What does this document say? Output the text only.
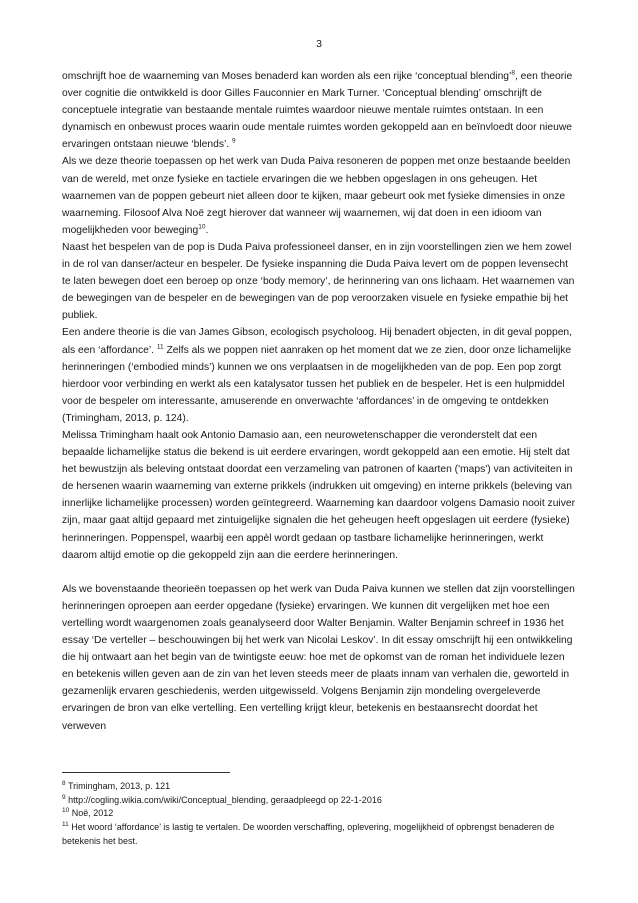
3

omschrijft hoe de waarneming van Moses benaderd kan worden als een rijke ‘conceptual blending’$^8$, een theorie over cognitie die ontwikkeld is door Gilles Fauconnier en Mark Turner. ‘Conceptual blending’ omschrijft de conceptuele integratie van bestaande mentale ruimtes waardoor nieuwe mentale ruimtes ontstaan. In een dynamisch en onbewust proces waarin oude mentale ruimtes worden gekoppeld aan en beïnvloedt door nieuwe ervaringen ontstaan nieuwe ‘blends’. $^9$

Als we deze theorie toepassen op het werk van Duda Paiva resoneren de poppen met onze bestaande beelden van de wereld, met onze fysieke en tactiele ervaringen die we hebben opgeslagen in ons geheugen. Het waarnemen van de poppen gebeurt niet alleen door te kijken, maar gebeurt ook met fysieke dimensies in onze waarneming. Filosoof Alva Noë zegt hierover dat wanneer wij waarnemen, wij dat doen in een idioom van mogelijkheden voor beweging$^{10}$.

Naast het bespelen van de pop is Duda Paiva professioneel danser, en in zijn voorstellingen zien we hem zowel in de rol van danser/acteur en bespeler. De fysieke inspanning die Duda Paiva levert om de poppen levensecht te laten bewegen doet een beroep op onze ‘body memory’, de herinnering van ons lichaam. Het waarnemen van de bewegingen van de bespeler en de bewegingen van de pop veroorzaken visuele en fysieke empathie bij het publiek.

Een andere theorie is die van James Gibson, ecologisch psycholoog. Hij benadert objecten, in dit geval poppen, als een ‘affordance’. $^{11}$ Zelfs als we poppen niet aanraken op het moment dat we ze zien, door onze lichamelijke herinneringen (‘embodied minds’) kunnen we ons verplaatsen in de mogelijkheden van de pop. Een pop zorgt hierdoor voor verbinding en werkt als een katalysator tussen het publiek en de bespeler. Het is een hulpmiddel voor de bespeler om interessante, amuserende en onverwachte ‘affordances’ in de omgeving te ontdekken (Trimingham, 2013, p. 124).

Melissa Trimingham haalt ook Antonio Damasio aan, een neurowetenschapper die veronderstelt dat een bepaalde lichamelijke status die bekend is uit eerdere ervaringen, wordt gekoppeld aan een emotie. Hij stelt dat het bewustzijn als beleving ontstaat doordat een verzameling van patronen of kaarten ('maps') van activiteiten in de hersenen waarin waarneming van externe prikkels (indrukken uit omgeving) en interne prikkels (beleving van innerlijke lichamelijke processen) worden geïntegreerd. Waarneming kan daardoor volgens Damasio nooit zuiver zijn, maar gaat altijd gepaard met zintuigelijke signalen die het geheugen heeft opgeslagen uit eerdere (fysieke) herinneringen. Poppenspel, waarbij een appèl wordt gedaan op tastbare lichamelijke herinneringen, werkt daarom altijd emotie op die gekoppeld zijn aan die eerdere herinneringen.

Als we bovenstaande theorieën toepassen op het werk van Duda Paiva kunnen we stellen dat zijn voorstellingen herinneringen oproepen aan eerder opgedane (fysieke) ervaringen. We kunnen dit vergelijken met hoe een vertelling wordt waargenomen zoals geanalyseerd door Walter Benjamin. Walter Benjamin schreef in 1936 het essay ‘De verteller – beschouwingen bij het werk van Nicolai Leskov’. In dit essay omschrijft hij een ontwikkeling die hij ontwaart aan het begin van de twintigste eeuw: hoe met de opkomst van de roman het individuele lezen en betekenis willen geven aan de zin van het leven steeds meer de plaats innam van verhalen die, geworteld in gezamenlijk ervaren geschiedenis, werden uitgewisseld. Volgens Benjamin zijn mondeling overgeleverde ervaringen de bron van elke vertelling. Een vertelling krijgt kleur, betekenis en bestaansrecht doordat het verweven

$^8$ Trimingham, 2013, p. 121

$^9$ http://cogling.wikia.com/wiki/Conceptual_blending, geraadpleegd op 22-1-2016

$^{10}$ Noë, 2012

$^{11}$ Het woord ‘affordance’ is lastig te vertalen. De woorden verschaffing, oplevering, mogelijkheid of opbrengst benaderen de betekenis het best.
